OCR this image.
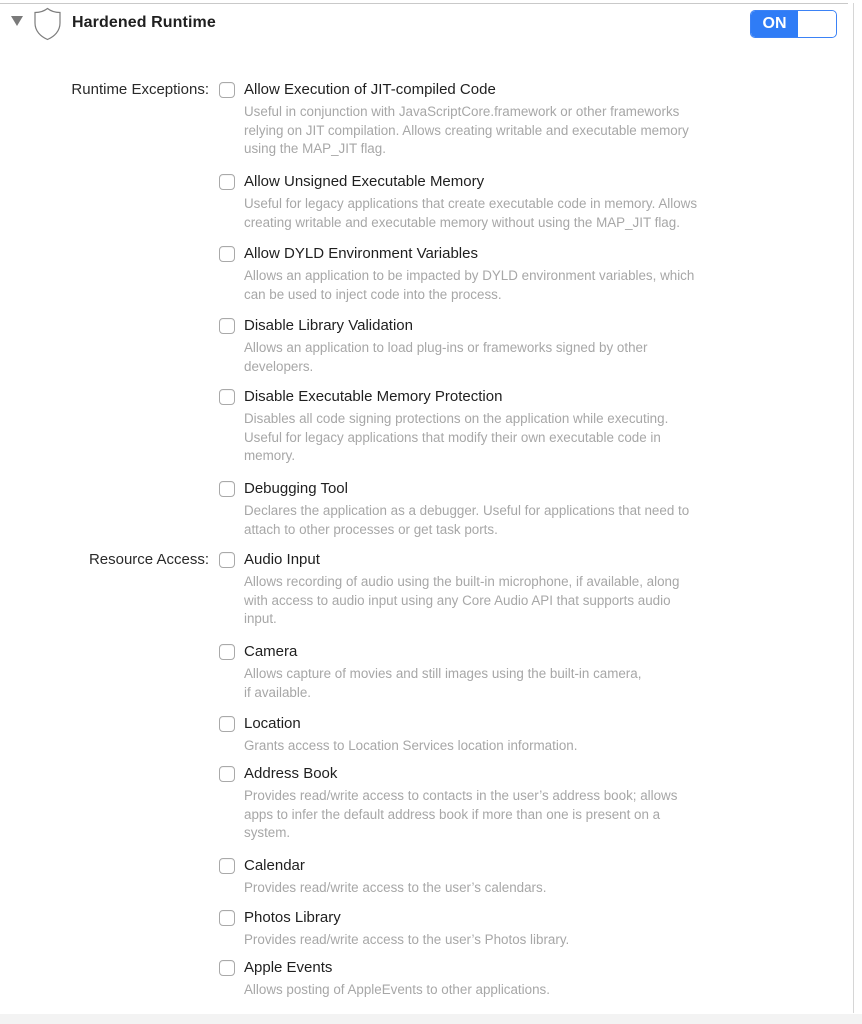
Hardened Runtime	ON
Runtime Exceptions: Allow Execution of JIT-compiled Code
Useful in conjunction with JavaScriptCore.framework or other frameworks
relying on JIT compilation. Allows creating writable and executable memory
using the MAP_JIT flag.
Allow Unsigned Executable Memory
Useful for legacy applications that create executable code in memory. Allows
creating writable and executable memory without using the MAP_JIT flag.
Allow DYLD Environment Variables
Allows an application to be impacted by DYLD environment variables, which
can be used to inject code into the process.
Disable Library Validation
Allows an application to load plug-ins or frameworks signed by other
developers.
Disable Executable Memory Protection
Disables all code signing protections on the application while executing.
Useful for legacy applications that modify their own executable code in
memory.
Debugging Tool
Declares the application as a debugger. Useful for applications that need to
attach to other processes or get task ports.
Resource Access: Audio Input
Allows recording of audio using the built-in microphone, if available, along
with access to audio input using any Core Audio API that supports audio
input.
Camera
Allows capture of movies and still images using the built-in camera,
if available.
Location
Grants access to Location Services location information.
Address Book
Provides read/write access to contacts in the user’s address book; allows
apps to infer the default address book if more than one is present on a
system.
Calendar
Provides read/write access to the user’s calendars.
Photos Library
Provides read/write access to the user’s Photos library.
Apple Events
Allows posting of AppleEvents to other applications.
